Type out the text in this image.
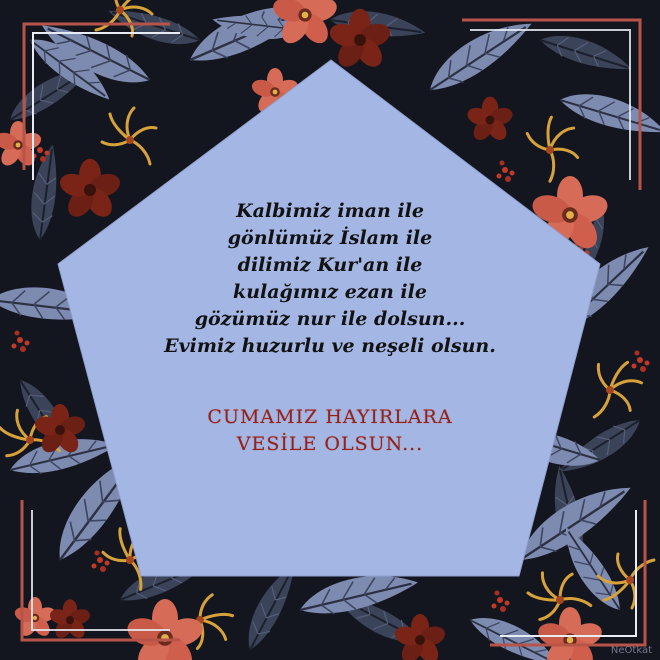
Kalbimiz iman ile
gönlümüz İslam ile
dilimiz Kur'an ile
kulağımız ezan ile
gözümüz nur ile dolsun...
Evimiz huzurlu ve neşeli olsun.
CUMAMIZ HAYIRLARA
VESİLE OLSUN...
NeOtkat
